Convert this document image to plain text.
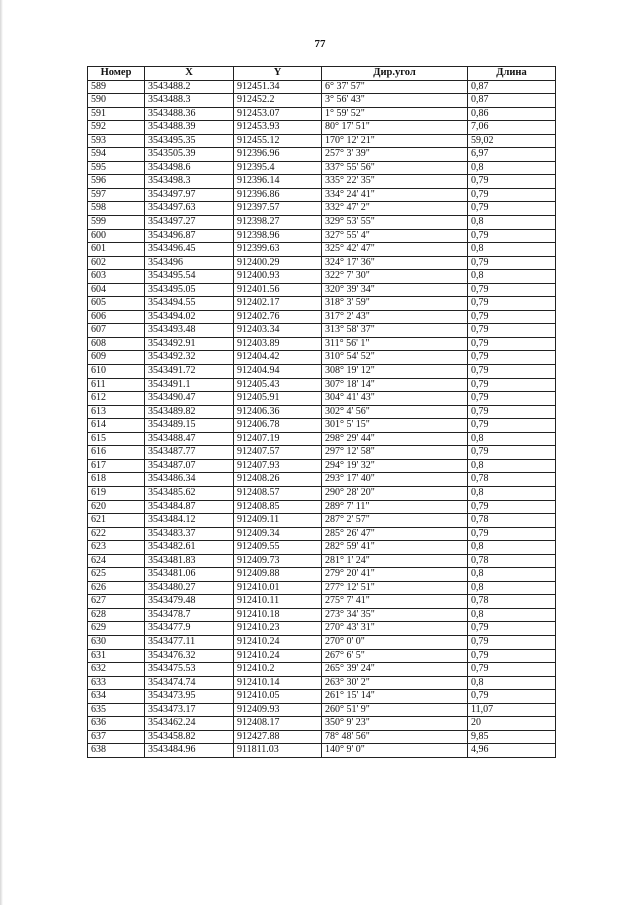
77
Номер	X	Y	Дир.угол	Длина
589	3543488.2	912451.34	6° 37' 57"	0,87
590	3543488.3	912452.2	3° 56' 43"	0,87
591	3543488.36	912453.07	1° 59' 52"	0,86
592	3543488.39	912453.93	80° 17' 51"	7,06
593	3543495.35	912455.12	170° 12' 21"	59,02
594	3543505.39	912396.96	257° 3' 39"	6,97
595	3543498.6	912395.4	337° 55' 56"	0,8
596	3543498.3	912396.14	335° 22' 35"	0,79
597	3543497.97	912396.86	334° 24' 41"	0,79
598	3543497.63	912397.57	332° 47' 2"	0,79
599	3543497.27	912398.27	329° 53' 55"	0,8
600	3543496.87	912398.96	327° 55' 4"	0,79
601	3543496.45	912399.63	325° 42' 47"	0,8
602	3543496	912400.29	324° 17' 36"	0,79
603	3543495.54	912400.93	322° 7' 30"	0,8
604	3543495.05	912401.56	320° 39' 34"	0,79
605	3543494.55	912402.17	318° 3' 59"	0,79
606	3543494.02	912402.76	317° 2' 43"	0,79
607	3543493.48	912403.34	313° 58' 37"	0,79
608	3543492.91	912403.89	311° 56' 1"	0,79
609	3543492.32	912404.42	310° 54' 52"	0,79
610	3543491.72	912404.94	308° 19' 12"	0,79
611	3543491.1	912405.43	307° 18' 14"	0,79
612	3543490.47	912405.91	304° 41' 43"	0,79
613	3543489.82	912406.36	302° 4' 56"	0,79
614	3543489.15	912406.78	301° 5' 15"	0,79
615	3543488.47	912407.19	298° 29' 44"	0,8
616	3543487.77	912407.57	297° 12' 58"	0,79
617	3543487.07	912407.93	294° 19' 32"	0,8
618	3543486.34	912408.26	293° 17' 40"	0,78
619	3543485.62	912408.57	290° 28' 20"	0,8
620	3543484.87	912408.85	289° 7' 11"	0,79
621	3543484.12	912409.11	287° 2' 57"	0,78
622	3543483.37	912409.34	285° 26' 47"	0,79
623	3543482.61	912409.55	282° 59' 41"	0,8
624	3543481.83	912409.73	281° 1' 24"	0,78
625	3543481.06	912409.88	279° 20' 41"	0,8
626	3543480.27	912410.01	277° 12' 51"	0,8
627	3543479.48	912410.11	275° 7' 41"	0,78
628	3543478.7	912410.18	273° 34' 35"	0,8
629	3543477.9	912410.23	270° 43' 31"	0,79
630	3543477.11	912410.24	270° 0' 0"	0,79
631	3543476.32	912410.24	267° 6' 5"	0,79
632	3543475.53	912410.2	265° 39' 24"	0,79
633	3543474.74	912410.14	263° 30' 2"	0,8
634	3543473.95	912410.05	261° 15' 14"	0,79
635	3543473.17	912409.93	260° 51' 9"	11,07
636	3543462.24	912408.17	350° 9' 23"	20
637	3543458.82	912427.88	78° 48' 56"	9,85
638	3543484.96	911811.03	140° 9' 0"	4,96
